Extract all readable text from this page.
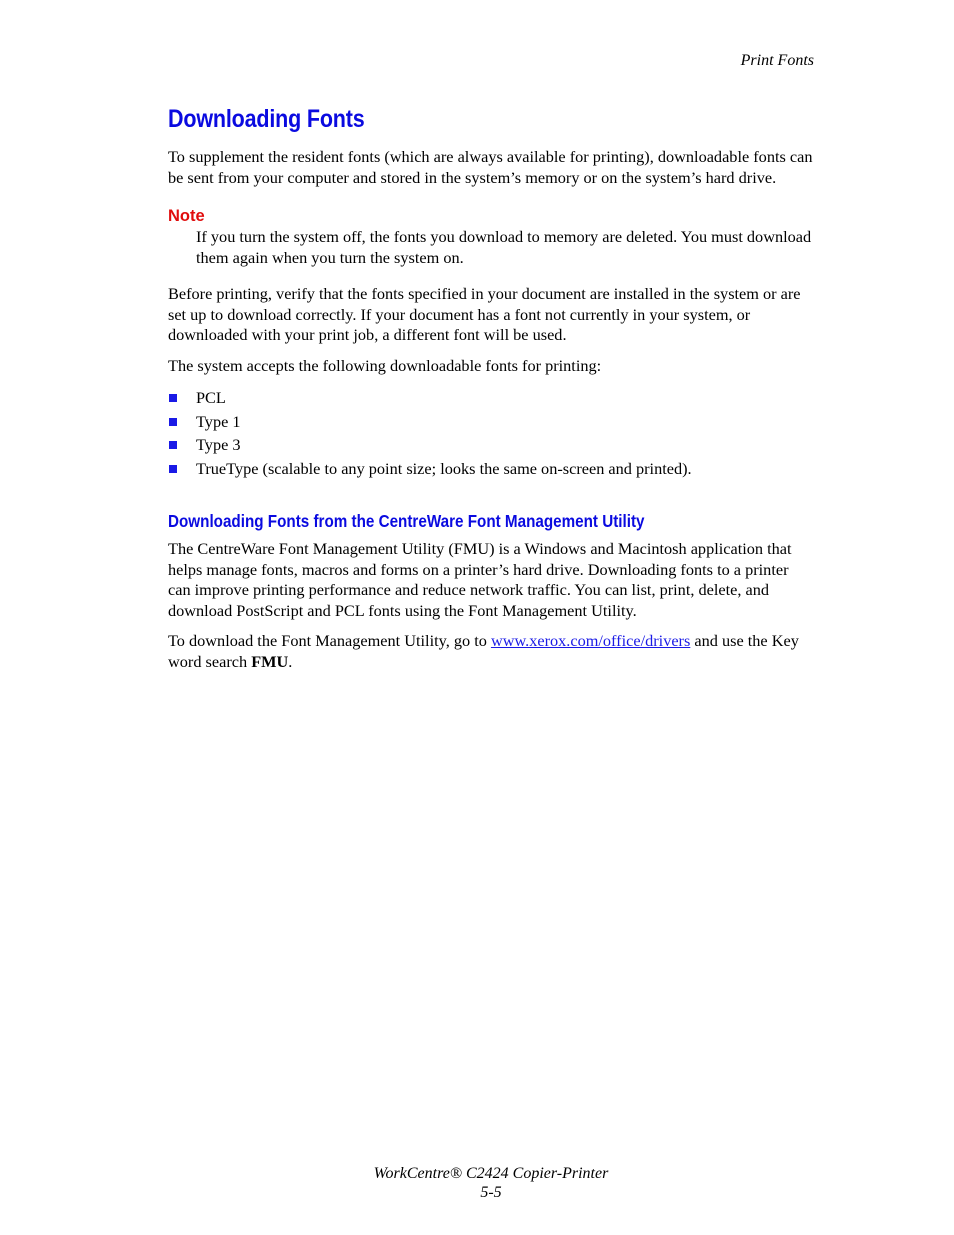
Print Fonts
Downloading Fonts

To supplement the resident fonts (which are always available for printing), downloadable fonts can be sent from your computer and stored in the system’s memory or on the system’s hard drive.

Note

If you turn the system off, the fonts you download to memory are deleted. You must download them again when you turn the system on.

Before printing, verify that the fonts specified in your document are installed in the system or are set up to download correctly. If your document has a font not currently in your system, or downloaded with your print job, a different font will be used.

The system accepts the following downloadable fonts for printing:

PCL
Type 1
Type 3
TrueType (scalable to any point size; looks the same on-screen and printed).
Downloading Fonts from the CentreWare Font Management Utility

The CentreWare Font Management Utility (FMU) is a Windows and Macintosh application that helps manage fonts, macros and forms on a printer’s hard drive. Downloading fonts to a printer can improve printing performance and reduce network traffic. You can list, print, delete, and download PostScript and PCL fonts using the Font Management Utility.

To download the Font Management Utility, go to www.xerox.com/office/drivers and use the Key word search FMU.

WorkCentre® C2424 Copier-Printer
5-5
